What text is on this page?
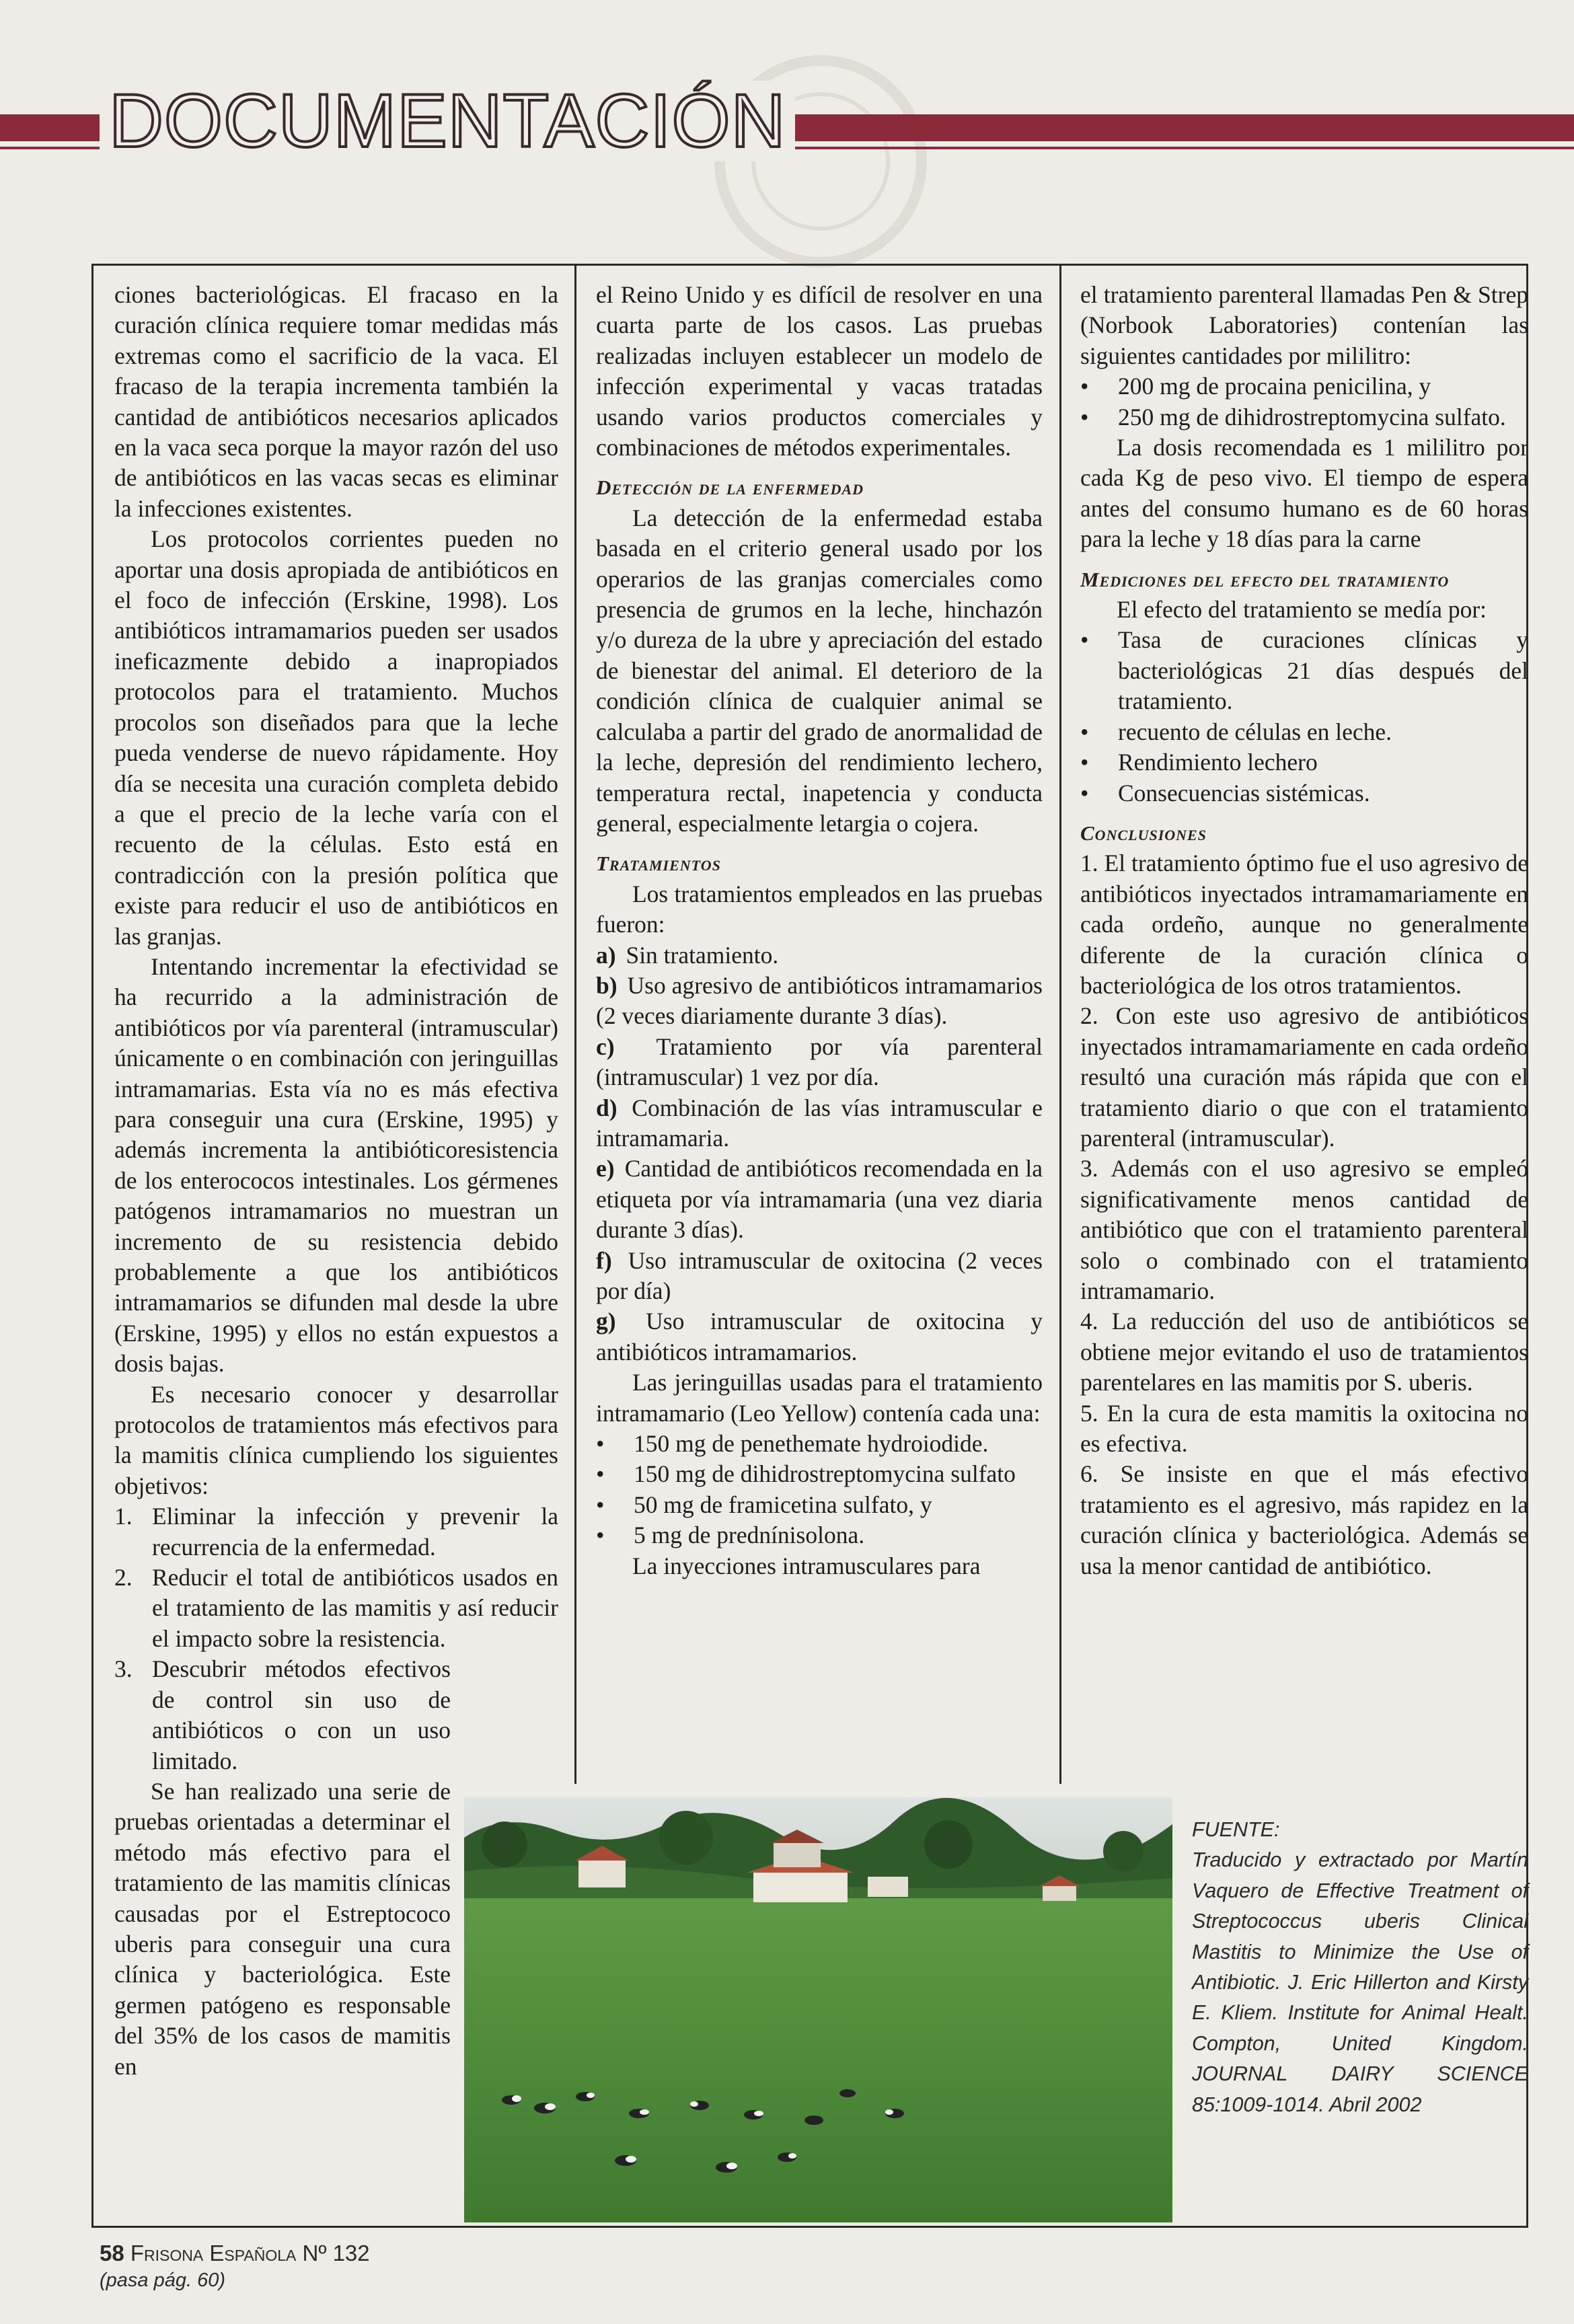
DOCUMENTACIÓN

ciones bacteriológicas. El fracaso en la curación clínica requiere tomar medidas más extremas como el sacrificio de la vaca. El fracaso de la terapia incrementa también la cantidad de antibióticos necesarios aplicados en la vaca seca porque la mayor razón del uso de antibióticos en las vacas secas es eliminar la infecciones existentes.

Los protocolos corrientes pueden no aportar una dosis apropiada de antibióticos en el foco de infección (Erskine, 1998). Los antibióticos intramamarios pueden ser usados ineficazmente debido a inapropiados protocolos para el tratamiento. Muchos procolos son diseñados para que la leche pueda venderse de nuevo rápidamente. Hoy día se necesita una curación completa debido a que el precio de la leche varía con el recuento de la células. Esto está en contradicción con la presión política que existe para reducir el uso de antibióticos en las granjas.

Intentando incrementar la efectividad se ha recurrido a la administración de antibióticos por vía parenteral (intramuscular) únicamente o en combinación con jeringuillas intramamarias. Esta vía no es más efectiva para conseguir una cura (Erskine, 1995) y además incrementa la antibióticoresistencia de los enterococos intestinales. Los gérmenes patógenos intramamarios no muestran un incremento de su resistencia debido probablemente a que los antibióticos intramamarios se difunden mal desde la ubre (Erskine, 1995) y ellos no están expuestos a dosis bajas.

Es necesario conocer y desarrollar protocolos de tratamientos más efectivos para la mamitis clínica cumpliendo los siguientes objetivos:

1. Eliminar la infección y prevenir la recurrencia de la enfermedad.
2. Reducir el total de antibióticos usados en el tratamiento de las mamitis y así reducir el impacto sobre la resistencia.
3. Descubrir métodos efectivos de control sin uso de antibióticos o con un uso limitado.

Se han realizado una serie de pruebas orientadas a determinar el método más efectivo para el tratamiento de las mamitis clínicas causadas por el Estreptococo uberis para conseguir una cura clínica y bacteriológica. Este germen patógeno es responsable del 35% de los casos de mamitis en

el Reino Unido y es difícil de resolver en una cuarta parte de los casos. Las pruebas realizadas incluyen establecer un modelo de infección experimental y vacas tratadas usando varios productos comerciales y combinaciones de métodos experimentales.

Detección de la enfermedad

La detección de la enfermedad estaba basada en el criterio general usado por los operarios de las granjas comerciales como presencia de grumos en la leche, hinchazón y/o dureza de la ubre y apreciación del estado de bienestar del animal. El deterioro de la condición clínica de cualquier animal se calculaba a partir del grado de anormalidad de la leche, depresión del rendimiento lechero, temperatura rectal, inapetencia y conducta general, especialmente letargia o cojera.

Tratamientos

Los tratamientos empleados en las pruebas fueron:

a) Sin tratamiento.
b) Uso agresivo de antibióticos intramamarios (2 veces diariamente durante 3 días).
c) Tratamiento por vía parenteral (intramuscular) 1 vez por día.
d) Combinación de las vías intramuscular e intramamaria.
e) Cantidad de antibióticos recomendada en la etiqueta por vía intramamaria (una vez diaria durante 3 días).
f) Uso intramuscular de oxitocina (2 veces por día)
g) Uso intramuscular de oxitocina y antibióticos intramamarios.

Las jeringuillas usadas para el tratamiento intramamario (Leo Yellow) contenía cada una:

• 150 mg de penethemate hydroiodide.
• 150 mg de dihidrostreptomycina sulfato
• 50 mg de framicetina sulfato, y
• 5 mg de prednínisolona.

La inyecciones intramusculares para

el tratamiento parenteral llamadas Pen & Strep (Norbook Laboratories) contenían las siguientes cantidades por mililitro:

• 200 mg de procaina penicilina, y
• 250 mg de dihidrostreptomycina sulfato.

La dosis recomendada es 1 mililitro por cada Kg de peso vivo. El tiempo de espera antes del consumo humano es de 60 horas para la leche y 18 días para la carne

Mediciones del efecto del tratamiento

El efecto del tratamiento se medía por:

• Tasa de curaciones clínicas y bacteriológicas 21 días después del tratamiento.
• recuento de células en leche.
• Rendimiento lechero
• Consecuencias sistémicas.
Conclusiones

1. El tratamiento óptimo fue el uso agresivo de antibióticos inyectados intramamariamente en cada ordeño, aunque no generalmente diferente de la curación clínica o bacteriológica de los otros tratamientos.

2. Con este uso agresivo de antibióticos inyectados intramamariamente en cada ordeño resultó una curación más rápida que con el tratamiento diario o que con el tratamiento parenteral (intramuscular).

3. Además con el uso agresivo se empleó significativamente menos cantidad de antibiótico que con el tratamiento parenteral solo o combinado con el tratamiento intramamario.

4. La reducción del uso de antibióticos se obtiene mejor evitando el uso de tratamientos parentelares en las mamitis por S. uberis.

5. En la cura de esta mamitis la oxitocina no es efectiva.

6. Se insiste en que el más efectivo tratamiento es el agresivo, más rapidez en la curación clínica y bacteriológica. Además se usa la menor cantidad de antibiótico.

FUENTE:

Traducido y extractado por Martín Vaquero de Effective Treatment of Streptococcus uberis Clinical Mastitis to Minimize the Use of Antibiotic. J. Eric Hillerton and Kirsty E. Kliem. Institute for Animal Healt. Compton, United Kingdom. JOURNAL DAIRY SCIENCE 85:1009-1014. Abril 2002

58 Frisona Española Nº 132
(pasa pág. 60)
